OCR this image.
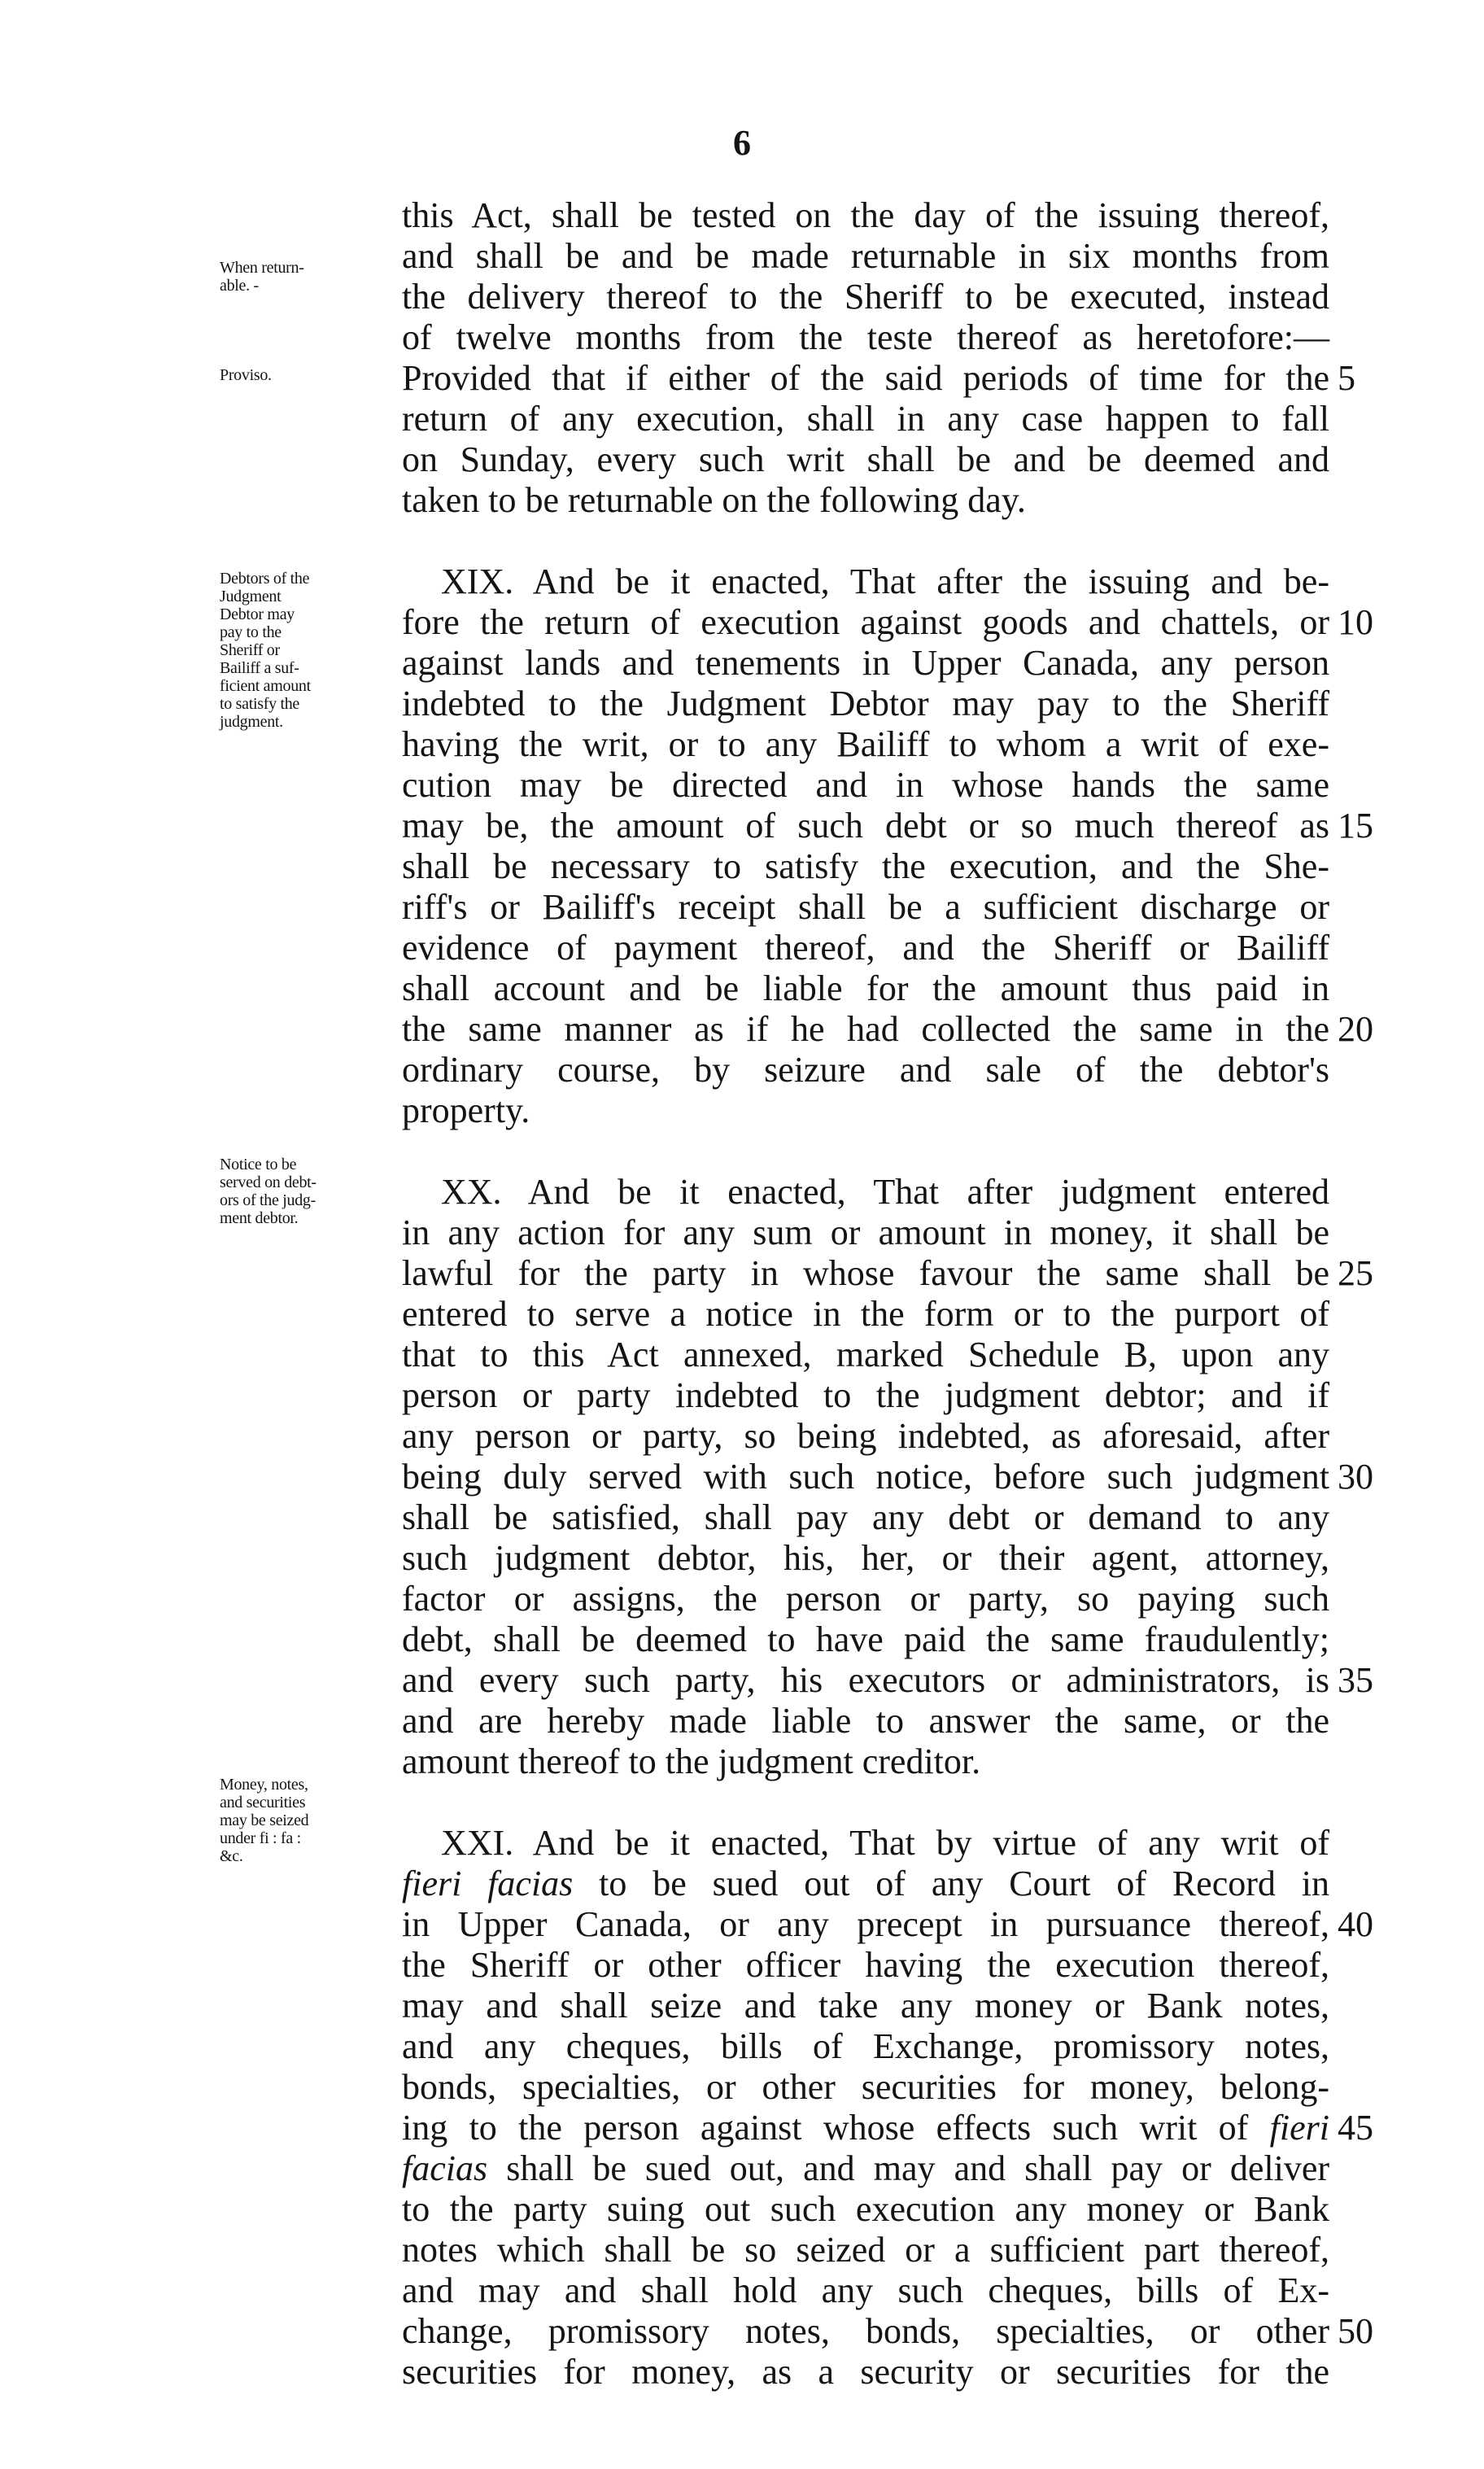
6
When return-
able. -
Proviso.
Debtors of the
Judgment
Debtor may
pay to the
Sheriff or
Bailiff a suf-
ficient amount
to satisfy the
judgment.
Notice to be
served on debt-
ors of the judg-
ment debtor.
Money, notes,
and securities
may be seized
under fi : fa :
&c.
this Act, shall be tested on the day of the issuing thereof,
and shall be and be made returnable in six months from
the delivery thereof to the Sheriff to be executed, instead
of twelve months from the teste thereof as heretofore:—
Provided that if either of the said periods of time for the 5
return of any execution, shall in any case happen to fall
on Sunday, every such writ shall be and be deemed and
taken to be returnable on the following day.
XIX. And be it enacted, That after the issuing and be-
fore the return of execution against goods and chattels, or 10
against lands and tenements in Upper Canada, any person
indebted to the Judgment Debtor may pay to the Sheriff
having the writ, or to any Bailiff to whom a writ of exe-
cution may be directed and in whose hands the same
may be, the amount of such debt or so much thereof as 15
shall be necessary to satisfy the execution, and the She-
riff's or Bailiff's receipt shall be a sufficient discharge or
evidence of payment thereof, and the Sheriff or Bailiff
shall account and be liable for the amount thus paid in
the same manner as if he had collected the same in the 20
ordinary course, by seizure and sale of the debtor's
property.
XX. And be it enacted, That after judgment entered
in any action for any sum or amount in money, it shall be
lawful for the party in whose favour the same shall be 25
entered to serve a notice in the form or to the purport of
that to this Act annexed, marked Schedule B, upon any
person or party indebted to the judgment debtor; and if
any person or party, so being indebted, as aforesaid, after
being duly served with such notice, before such judgment 30
shall be satisfied, shall pay any debt or demand to any
such judgment debtor, his, her, or their agent, attorney,
factor or assigns, the person or party, so paying such
debt, shall be deemed to have paid the same fraudulently;
and every such party, his executors or administrators, is 35
and are hereby made liable to answer the same, or the
amount thereof to the judgment creditor.
XXI. And be it enacted, That by virtue of any writ of
fieri facias to be sued out of any Court of Record in
in Upper Canada, or any precept in pursuance thereof, 40
the Sheriff or other officer having the execution thereof,
may and shall seize and take any money or Bank notes,
and any cheques, bills of Exchange, promissory notes,
bonds, specialties, or other securities for money, belong-
ing to the person against whose effects such writ of fieri 45
facias shall be sued out, and may and shall pay or deliver
to the party suing out such execution any money or Bank
notes which shall be so seized or a sufficient part thereof,
and may and shall hold any such cheques, bills of Ex-
change, promissory notes, bonds, specialties, or other 50
securities for money, as a security or securities for the
